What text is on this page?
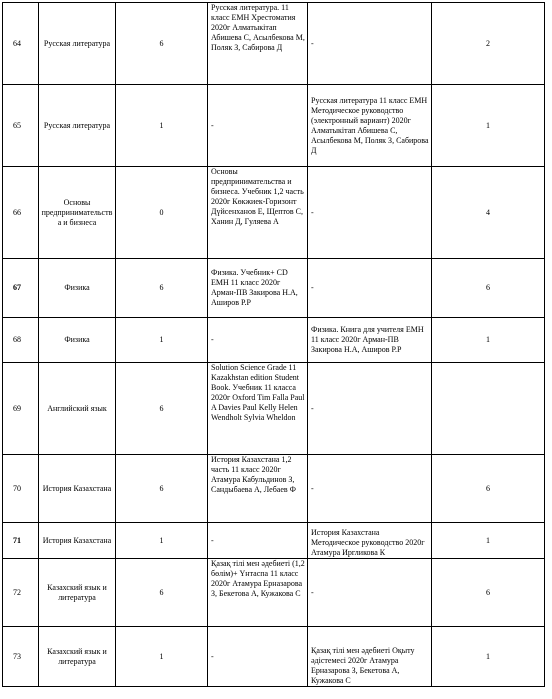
64	Русская литература	6	Русская литература. 11 класс ЕМН Хрестоматия 2020г Алматыкітап Абишева С, Асылбекова М, Поляк З, Сабирова Д	-	2
65	Русская литература	1	-	Русская литература 11 класс ЕМН Методическое руководство (электронный вариант) 2020г Алматыкітап Абишева С, Асылбекова М, Поляк З, Сабирова Д	1
66	Основы предпринимательства и бизнеса	0	Основы предпринимательства и бизнеса. Учебник 1,2 часть 2020г Көкжиек-Горизонт Дүйсенханов Е, Щептов С, Ханин Д, Гуляева А	-	4
67	Физика	6	Физика. Учебник+ CD ЕМН 11 класс 2020г Арман-ПВ Закирова Н.А, Аширов Р.Р	-	6
68	Физика	1	-	Физика. Книга для учителя ЕМН 11 класс 2020г Арман-ПВ Закирова Н.А, Аширов Р.Р	1
69	Английский язык	6	Solution Science Grade 11 Kazakhstan edition Student Book. Учебник 11 класса 2020г Oxford Tim Falla Paul A Davies Paul Kelly Helen Wendholt Sylvia Wheldon	-	
70	История Казахстана	6	История Казахстана 1,2 часть 11 класс 2020г Атамура Кабульдинов З, Сандыбаева А, Лебаев Ф	-	6
71	История Казахстана	1	-	История Казахстана Методическое руководство 2020г Атамура Иргликова К	1
72	Казахский язык и литература	6	Қазақ тілі мен әдебиеті (1,2 бөлім)+ Үнтаспа 11 класс 2020г Атамура Ерназарова З, Бекетова А, Кужакова С	-	6
73	Казахский язык и литература	1	-	Қазақ тілі мен әдебиеті Оқыту әдістемесі 2020г Атамура Ерназарова З, Бекетова А, Кужакова С	1
